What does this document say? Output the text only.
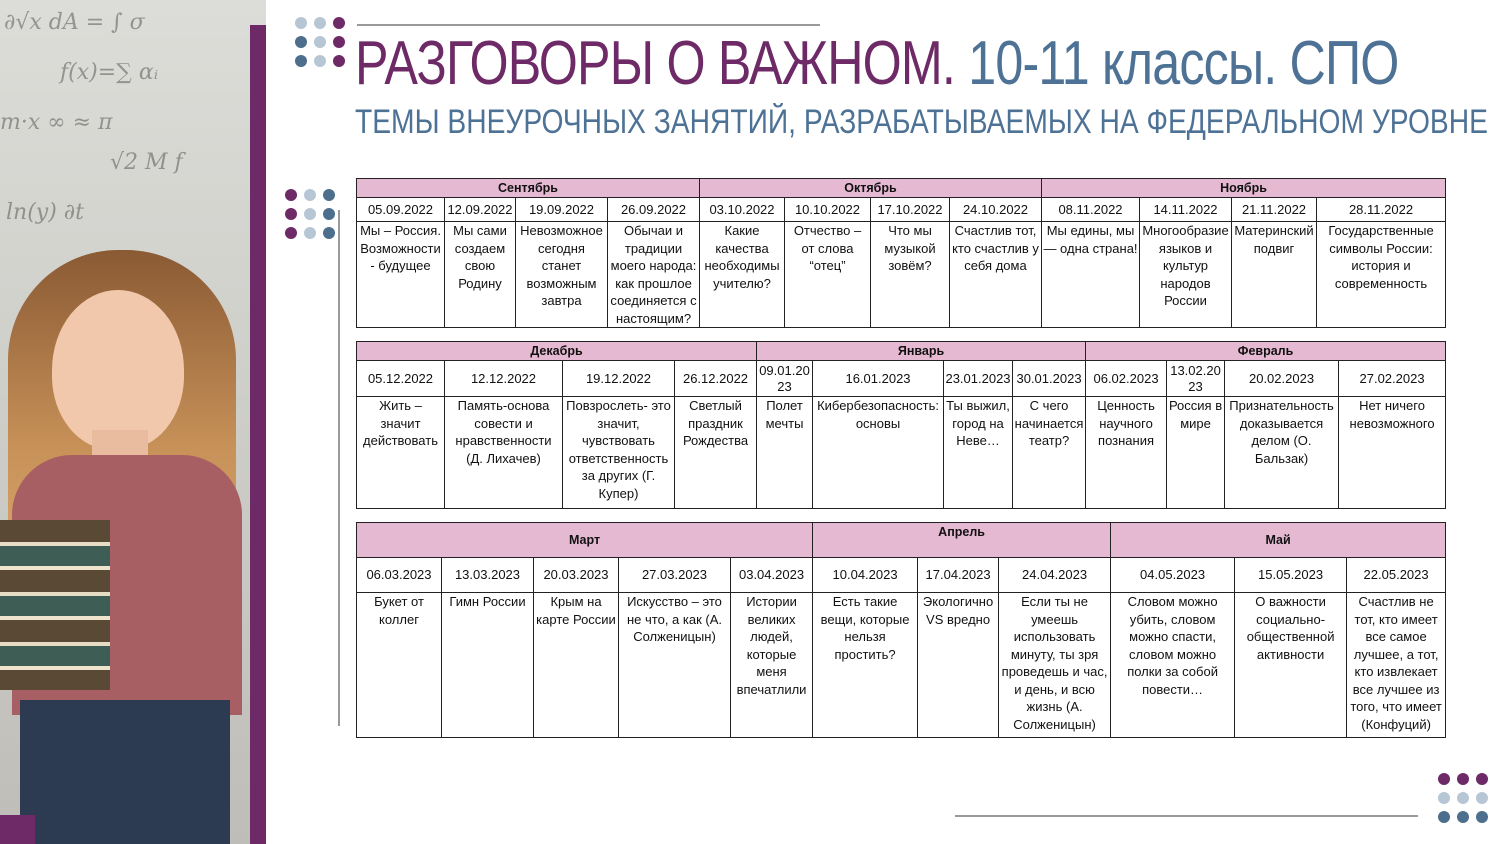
∂√x dA = ∫ σ
f(x)=∑ αᵢ
m·x ∞ ≈ π
√2 M f
ln(y) ∂t
РАЗГОВОРЫ О ВАЖНОМ. 10-11 классы. СПО
ТЕМЫ ВНЕУРОЧНЫХ ЗАНЯТИЙ, РАЗРАБАТЫВАЕМЫХ НА ФЕДЕРАЛЬНОМ УРОВНЕ
Сентябрь				Октябрь				Ноябрь			
05.09.2022	12.09.2022	19.09.2022	26.09.2022	03.10.2022	10.10.2022	17.10.2022	24.10.2022	08.11.2022	14.11.2022	21.11.2022	28.11.2022
Мы – Россия. Возможности - будущее	Мы сами создаем свою Родину	Невозможное сегодня станет возможным завтра	Обычаи и традиции моего народа: как прошлое соединяется с настоящим?	Какие качества необходимы учителю?	Отчество – от слова “отец”	Что мы музыкой зовём?	Счастлив тот, кто счастлив у себя дома	Мы едины, мы — одна страна!	Многообразие языков и культур народов России	Материнский подвиг	Государственные символы России: история и современность
Декабрь				Январь				Февраль			
05.12.2022	12.12.2022	19.12.2022	26.12.2022	09.01.2023	16.01.2023	23.01.2023	30.01.2023	06.02.2023	13.02.2023	20.02.2023	27.02.2023
Жить – значит действовать	Память-основа совести и нравственности (Д. Лихачев)	Повзрослеть- это значит, чувствовать ответственность за других (Г. Купер)	Светлый праздник Рождества	Полет мечты	Кибербезопасность: основы	Ты выжил, город на Неве…	С чего начинается театр?	Ценность научного познания	Россия в мире	Признательность доказывается делом (О. Бальзак)	Нет ничего невозможного
Март					Апрель			Май		
06.03.2023	13.03.2023	20.03.2023	27.03.2023	03.04.2023	10.04.2023	17.04.2023	24.04.2023	04.05.2023	15.05.2023	22.05.2023
Букет от коллег	Гимн России	Крым на карте России	Искусство – это не что, а как (А. Солженицын)	Истории великих людей, которые меня впечатлили	Есть такие вещи, которые нельзя простить?	Экологично VS вредно	Если ты не умеешь использовать минуту, ты зря проведешь и час, и день, и всю жизнь (А. Солженицын)	Словом можно убить, словом можно спасти, словом можно полки за собой повести…	О важности социально-общественной активности	Счастлив не тот, кто имеет все самое лучшее, а тот, кто извлекает все лучшее из того, что имеет (Конфуций)
